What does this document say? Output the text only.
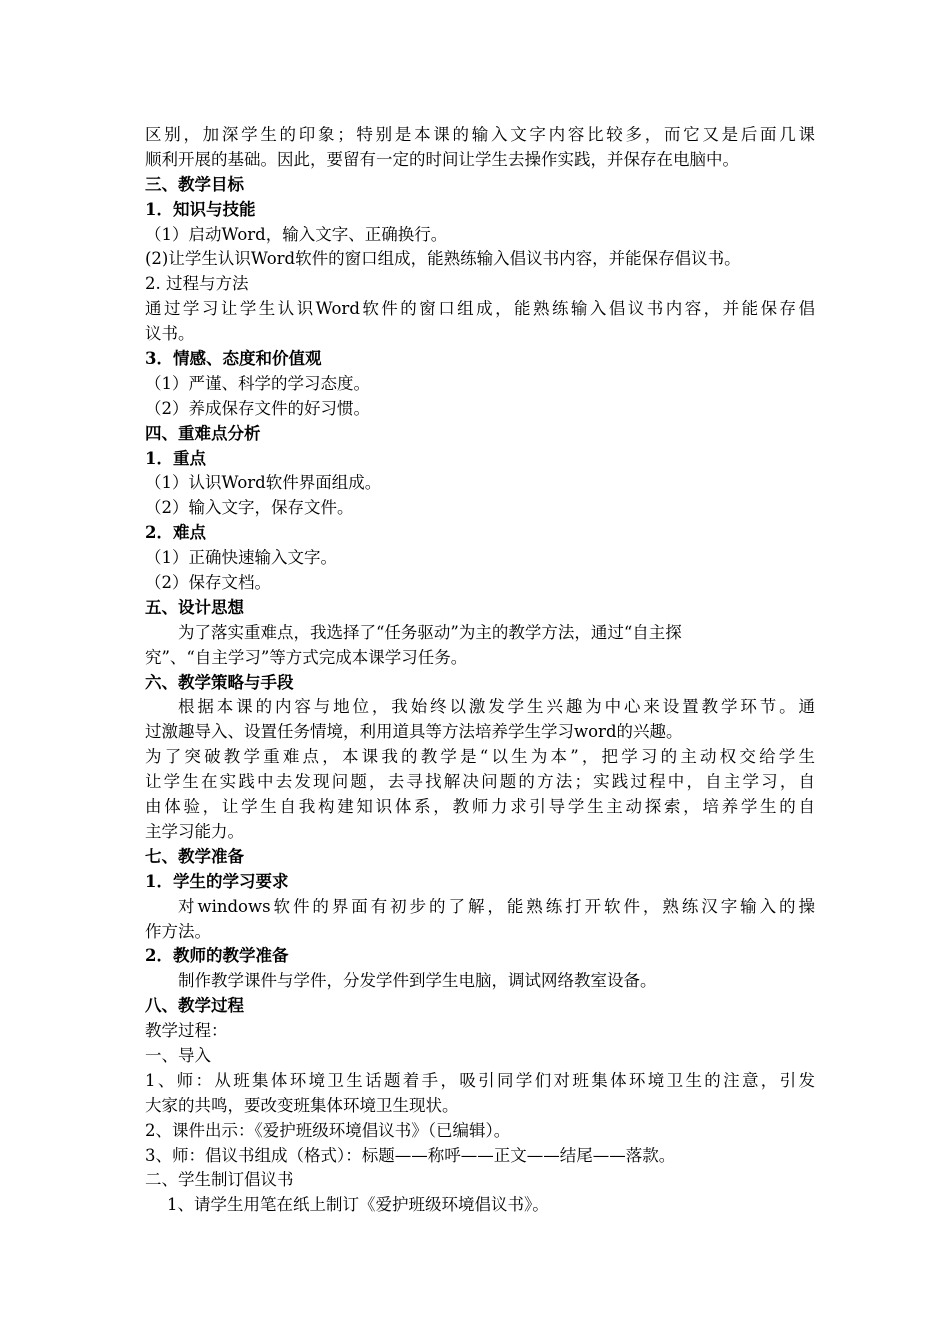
区别，加深学生的印象；特别是本课的输入文字内容比较多，而它又是后面几课
顺利开展的基础。因此，要留有一定的时间让学生去操作实践，并保存在电脑中。
三、教学目标
1．知识与技能
（1）启动Word，输入文字、正确换行。
(2)让学生认识Word软件的窗口组成，能熟练输入倡议书内容，并能保存倡议书。
2. 过程与方法
通过学习让学生认识Word软件的窗口组成，能熟练输入倡议书内容，并能保存倡
议书。
3．情感、态度和价值观
（1）严谨、科学的学习态度。
（2）养成保存文件的好习惯。
四、重难点分析
1．重点
（1）认识Word软件界面组成。
（2）输入文字，保存文件。
2．难点
（1）正确快速输入文字。
（2）保存文档。
五、设计思想
为了落实重难点，我选择了“任务驱动”为主的教学方法，通过“自主探
究”、“自主学习”等方式完成本课学习任务。
六、教学策略与手段
根据本课的内容与地位，我始终以激发学生兴趣为中心来设置教学环节。通
过激趣导入、设置任务情境，利用道具等方法培养学生学习word的兴趣。
为了突破教学重难点，本课我的教学是“以生为本”，把学习的主动权交给学生
让学生在实践中去发现问题，去寻找解决问题的方法；实践过程中，自主学习，自
由体验，让学生自我构建知识体系，教师力求引导学生主动探索，培养学生的自
主学习能力。
七、教学准备
1．学生的学习要求
对windows软件的界面有初步的了解，能熟练打开软件，熟练汉字输入的操
作方法。
2．教师的教学准备
制作教学课件与学件，分发学件到学生电脑，调试网络教室设备。
八、教学过程
教学过程：
一、导入
1、师：从班集体环境卫生话题着手，吸引同学们对班集体环境卫生的注意，引发
大家的共鸣，要改变班集体环境卫生现状。
2、课件出示：《爱护班级环境倡议书》（已编辑）。
3、师：倡议书组成（格式）：标题——称呼——正文——结尾——落款。
二、学生制订倡议书
1、请学生用笔在纸上制订《爱护班级环境倡议书》。
